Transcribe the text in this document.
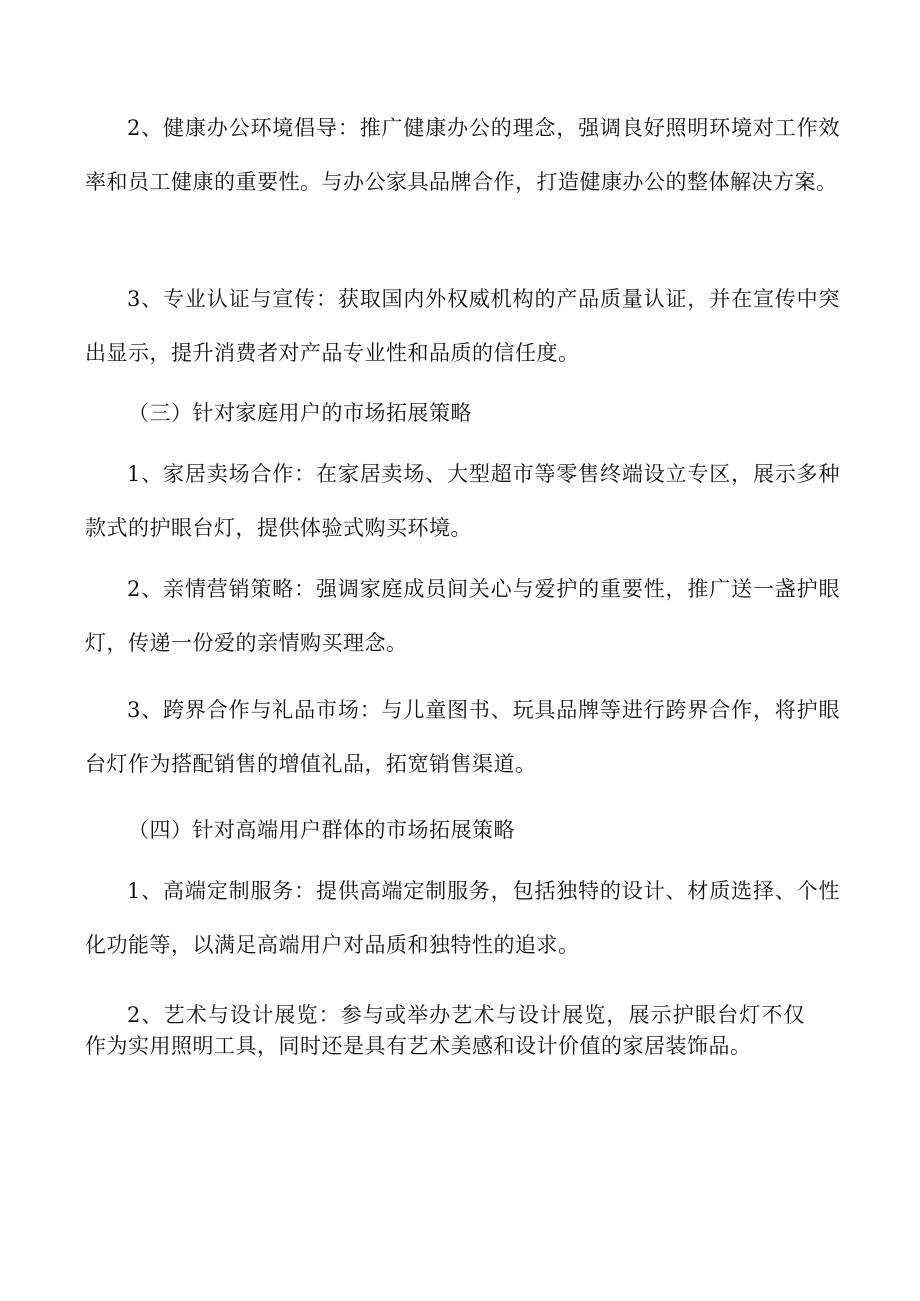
2、健康办公环境倡导：推广健康办公的理念，强调良好照明环境对工作效率和员工健康的重要性。与办公家具品牌合作，打造健康办公的整体解决方案。

3、专业认证与宣传：获取国内外权威机构的产品质量认证，并在宣传中突出显示，提升消费者对产品专业性和品质的信任度。

（三）针对家庭用户的市场拓展策略

1、家居卖场合作：在家居卖场、大型超市等零售终端设立专区，展示多种款式的护眼台灯，提供体验式购买环境。

2、亲情营销策略：强调家庭成员间关心与爱护的重要性，推广送一盏护眼灯，传递一份爱的亲情购买理念。

3、跨界合作与礼品市场：与儿童图书、玩具品牌等进行跨界合作，将护眼台灯作为搭配销售的增值礼品，拓宽销售渠道。

（四）针对高端用户群体的市场拓展策略

1、高端定制服务：提供高端定制服务，包括独特的设计、材质选择、个性化功能等，以满足高端用户对品质和独特性的追求。

2、艺术与设计展览：参与或举办艺术与设计展览，展示护眼台灯不仅作为实用照明工具，同时还是具有艺术美感和设计价值的家居装饰品。
